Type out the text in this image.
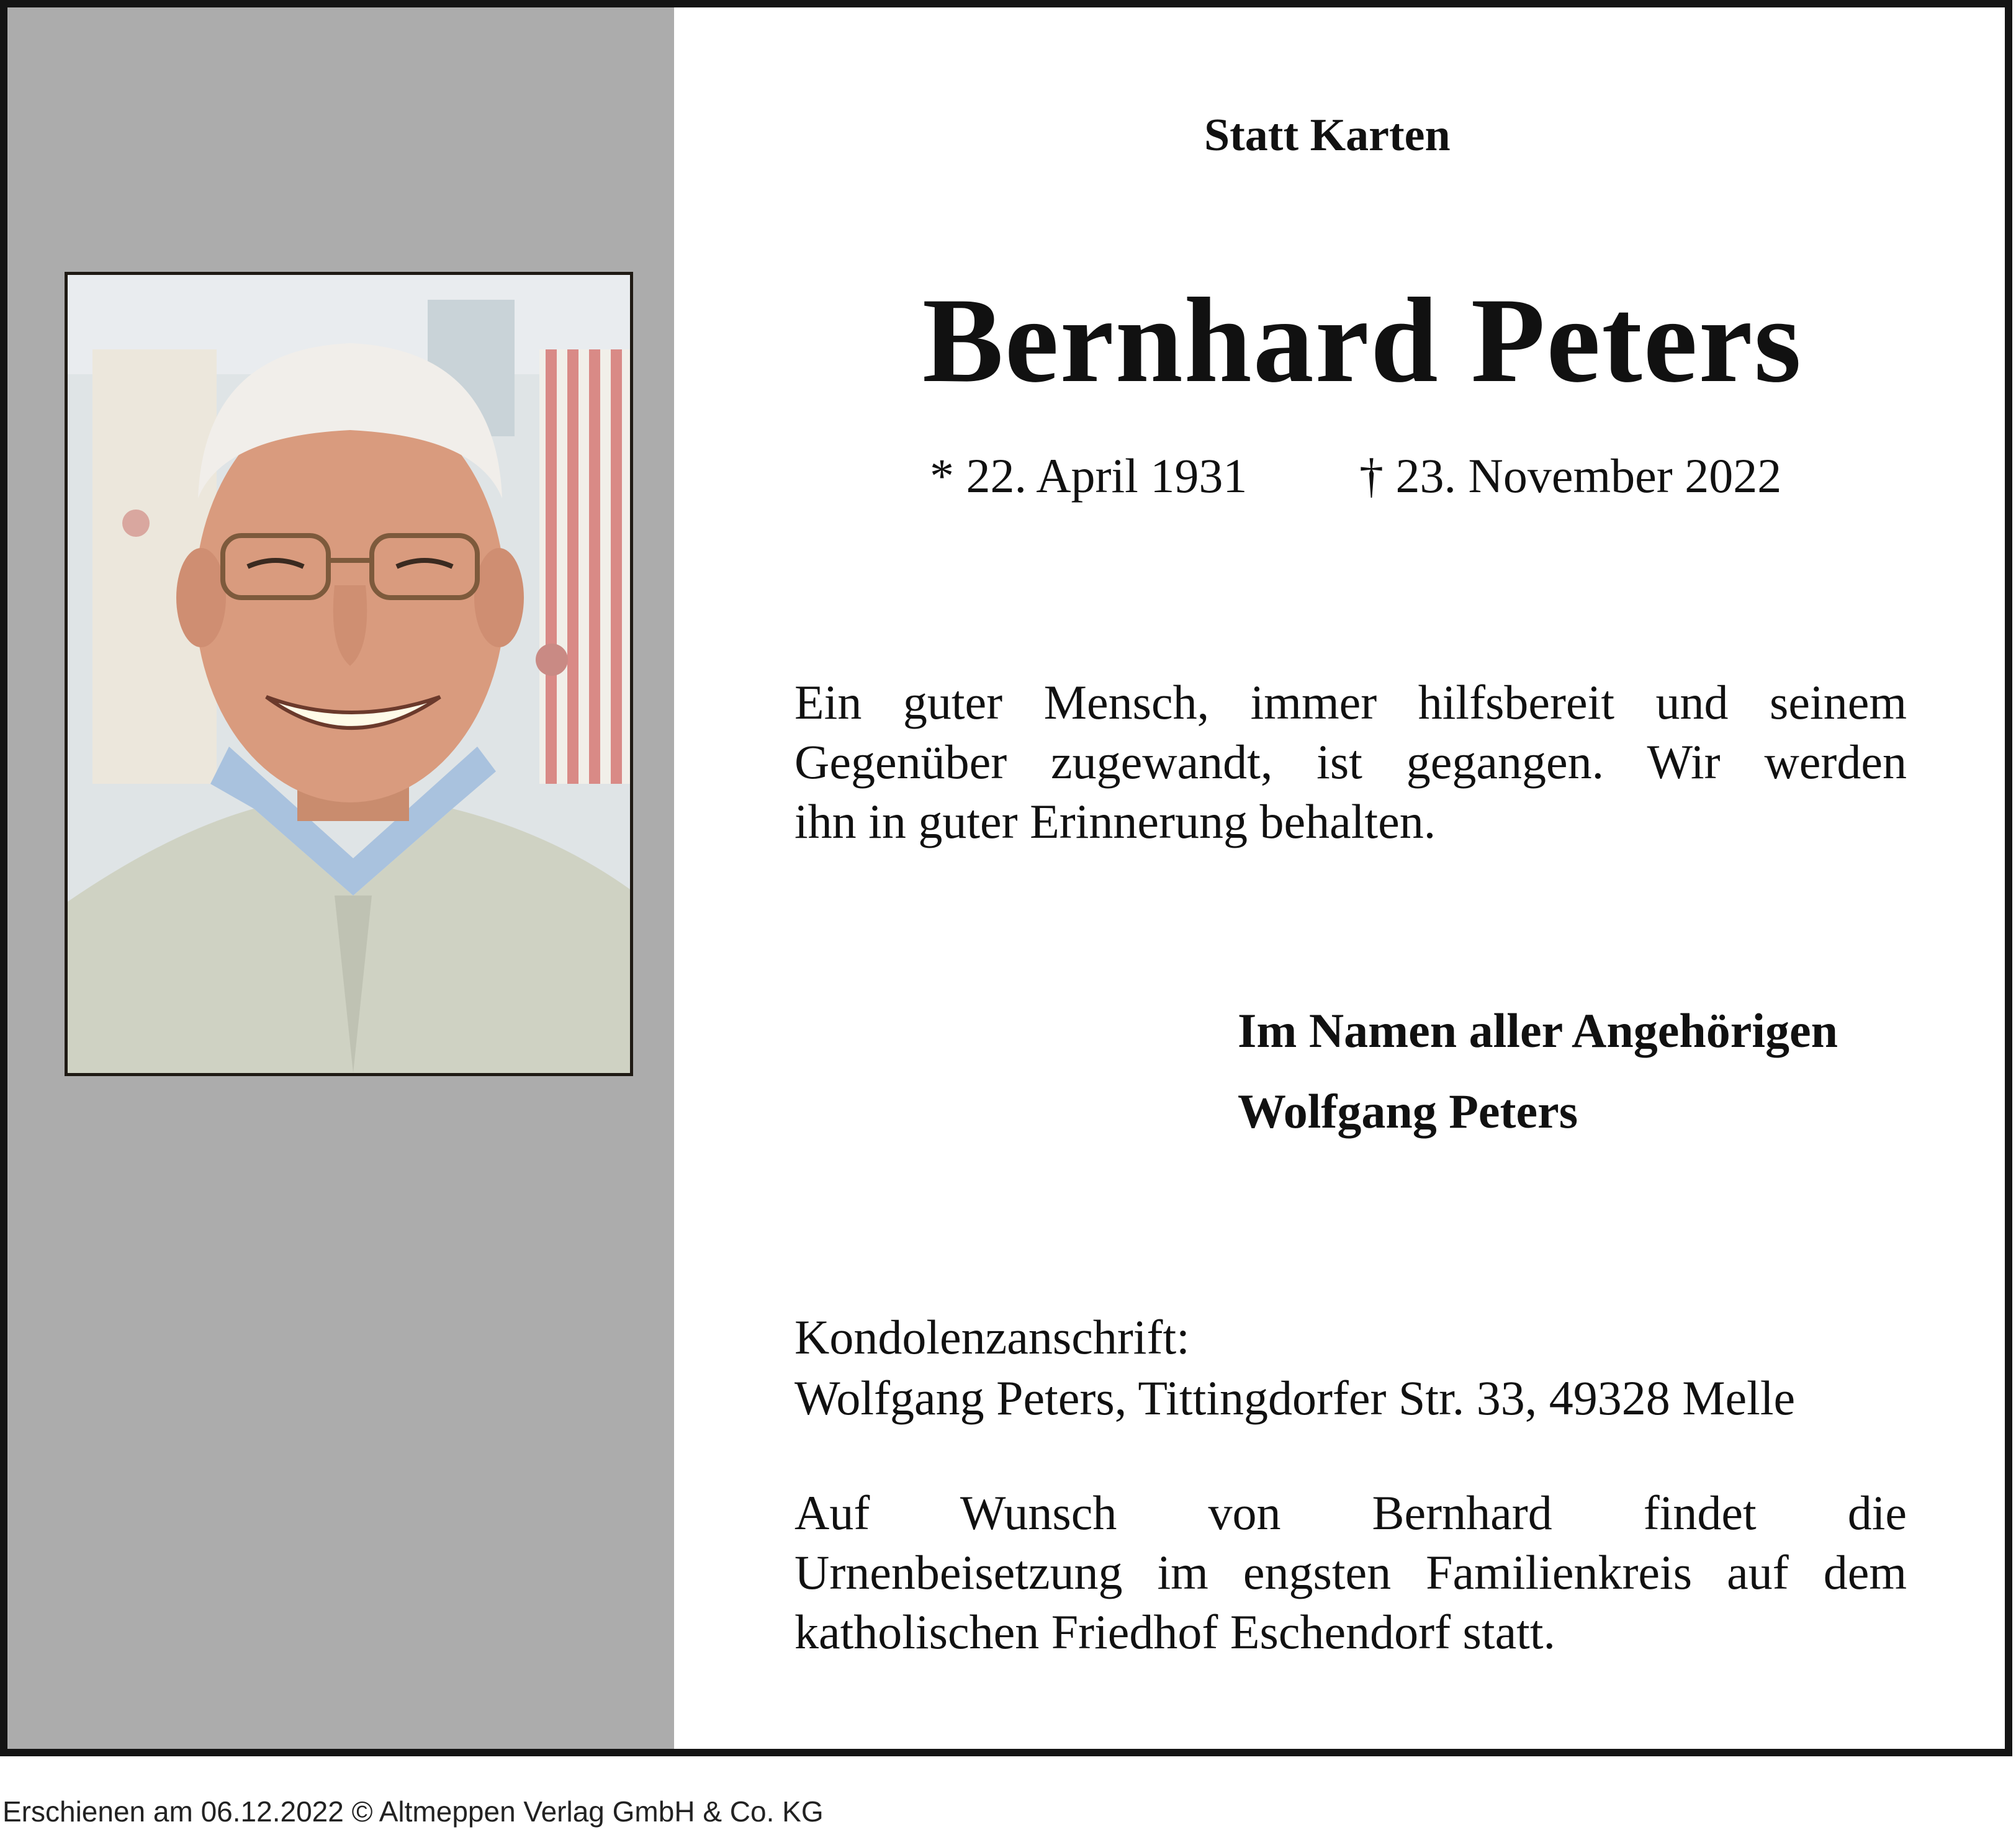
Statt Karten
Bernhard Peters
* 22. April 1931 † 23. November 2022
Ein guter Mensch, immer hilfsbereit und seinem
Gegenüber zugewandt, ist gegangen. Wir werden
ihn in guter Erinnerung behalten.
Im Namen aller Angehörigen
Wolfgang Peters
Kondolenzanschrift:
Wolfgang Peters, Tittingdorfer Str. 33, 49328 Melle
Auf Wunsch von Bernhard findet die
Urnenbeisetzung im engsten Familienkreis auf dem
katholischen Friedhof Eschendorf statt.
Erschienen am 06.12.2022 © Altmeppen Verlag GmbH & Co. KG
